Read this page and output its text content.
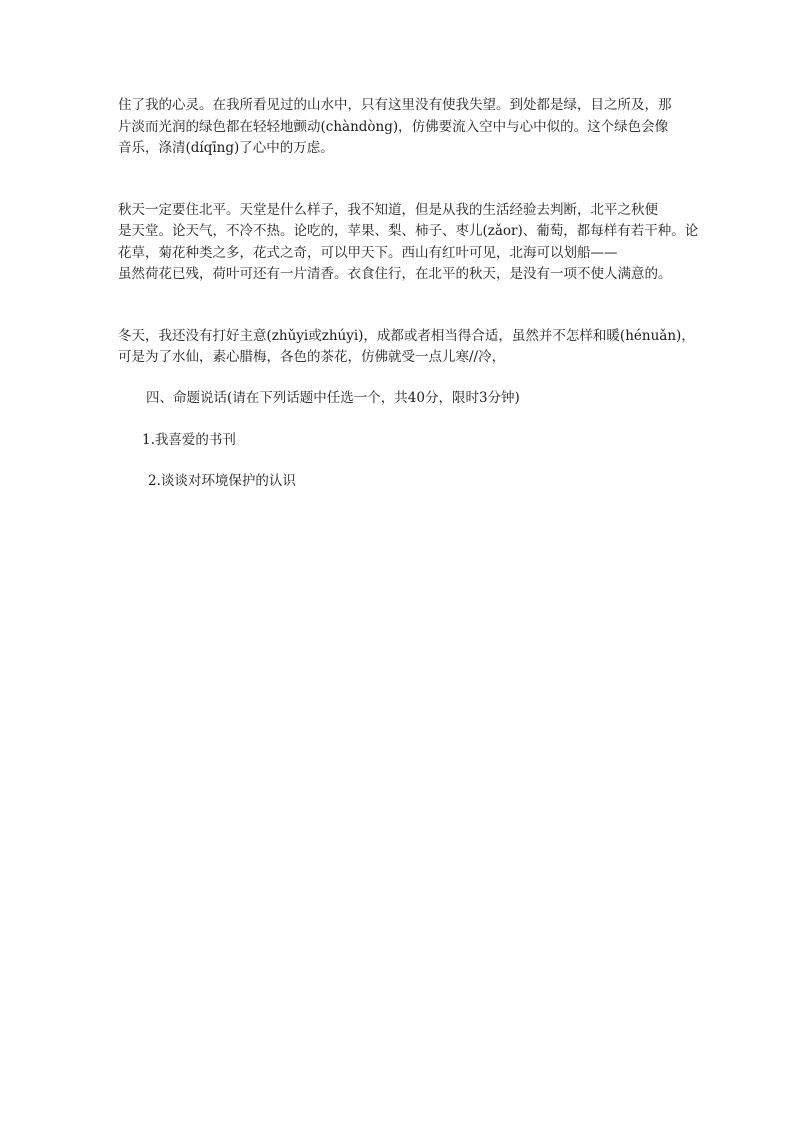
住了我的心灵。在我所看见过的山水中，只有这里没有使我失望。到处都是绿，目之所及，那
片淡而光润的绿色都在轻轻地颤动(chàndòng)，仿佛要流入空中与心中似的。这个绿色会像
音乐，涤清(díqīng)了心中的万虑。
秋天一定要住北平。天堂是什么样子，我不知道，但是从我的生活经验去判断，北平之秋便
是天堂。论天气，不冷不热。论吃的，苹果、梨、柿子、枣儿(zǎor)、葡萄，都每样有若干种。论
花草，菊花种类之多，花式之奇，可以甲天下。西山有红叶可见，北海可以划船——
虽然荷花已残，荷叶可还有一片清香。衣食住行，在北平的秋天，是没有一项不使人满意的。
冬天，我还没有打好主意(zhǔyi或zhúyi)，成都或者相当得合适，虽然并不怎样和暖(hénuǎn)，
可是为了水仙，素心腊梅，各色的茶花，仿佛就受一点儿寒//冷，
四、命题说话(请在下列话题中任选一个，共40分，限时3分钟)
1.我喜爱的书刊
2.谈谈对环境保护的认识
